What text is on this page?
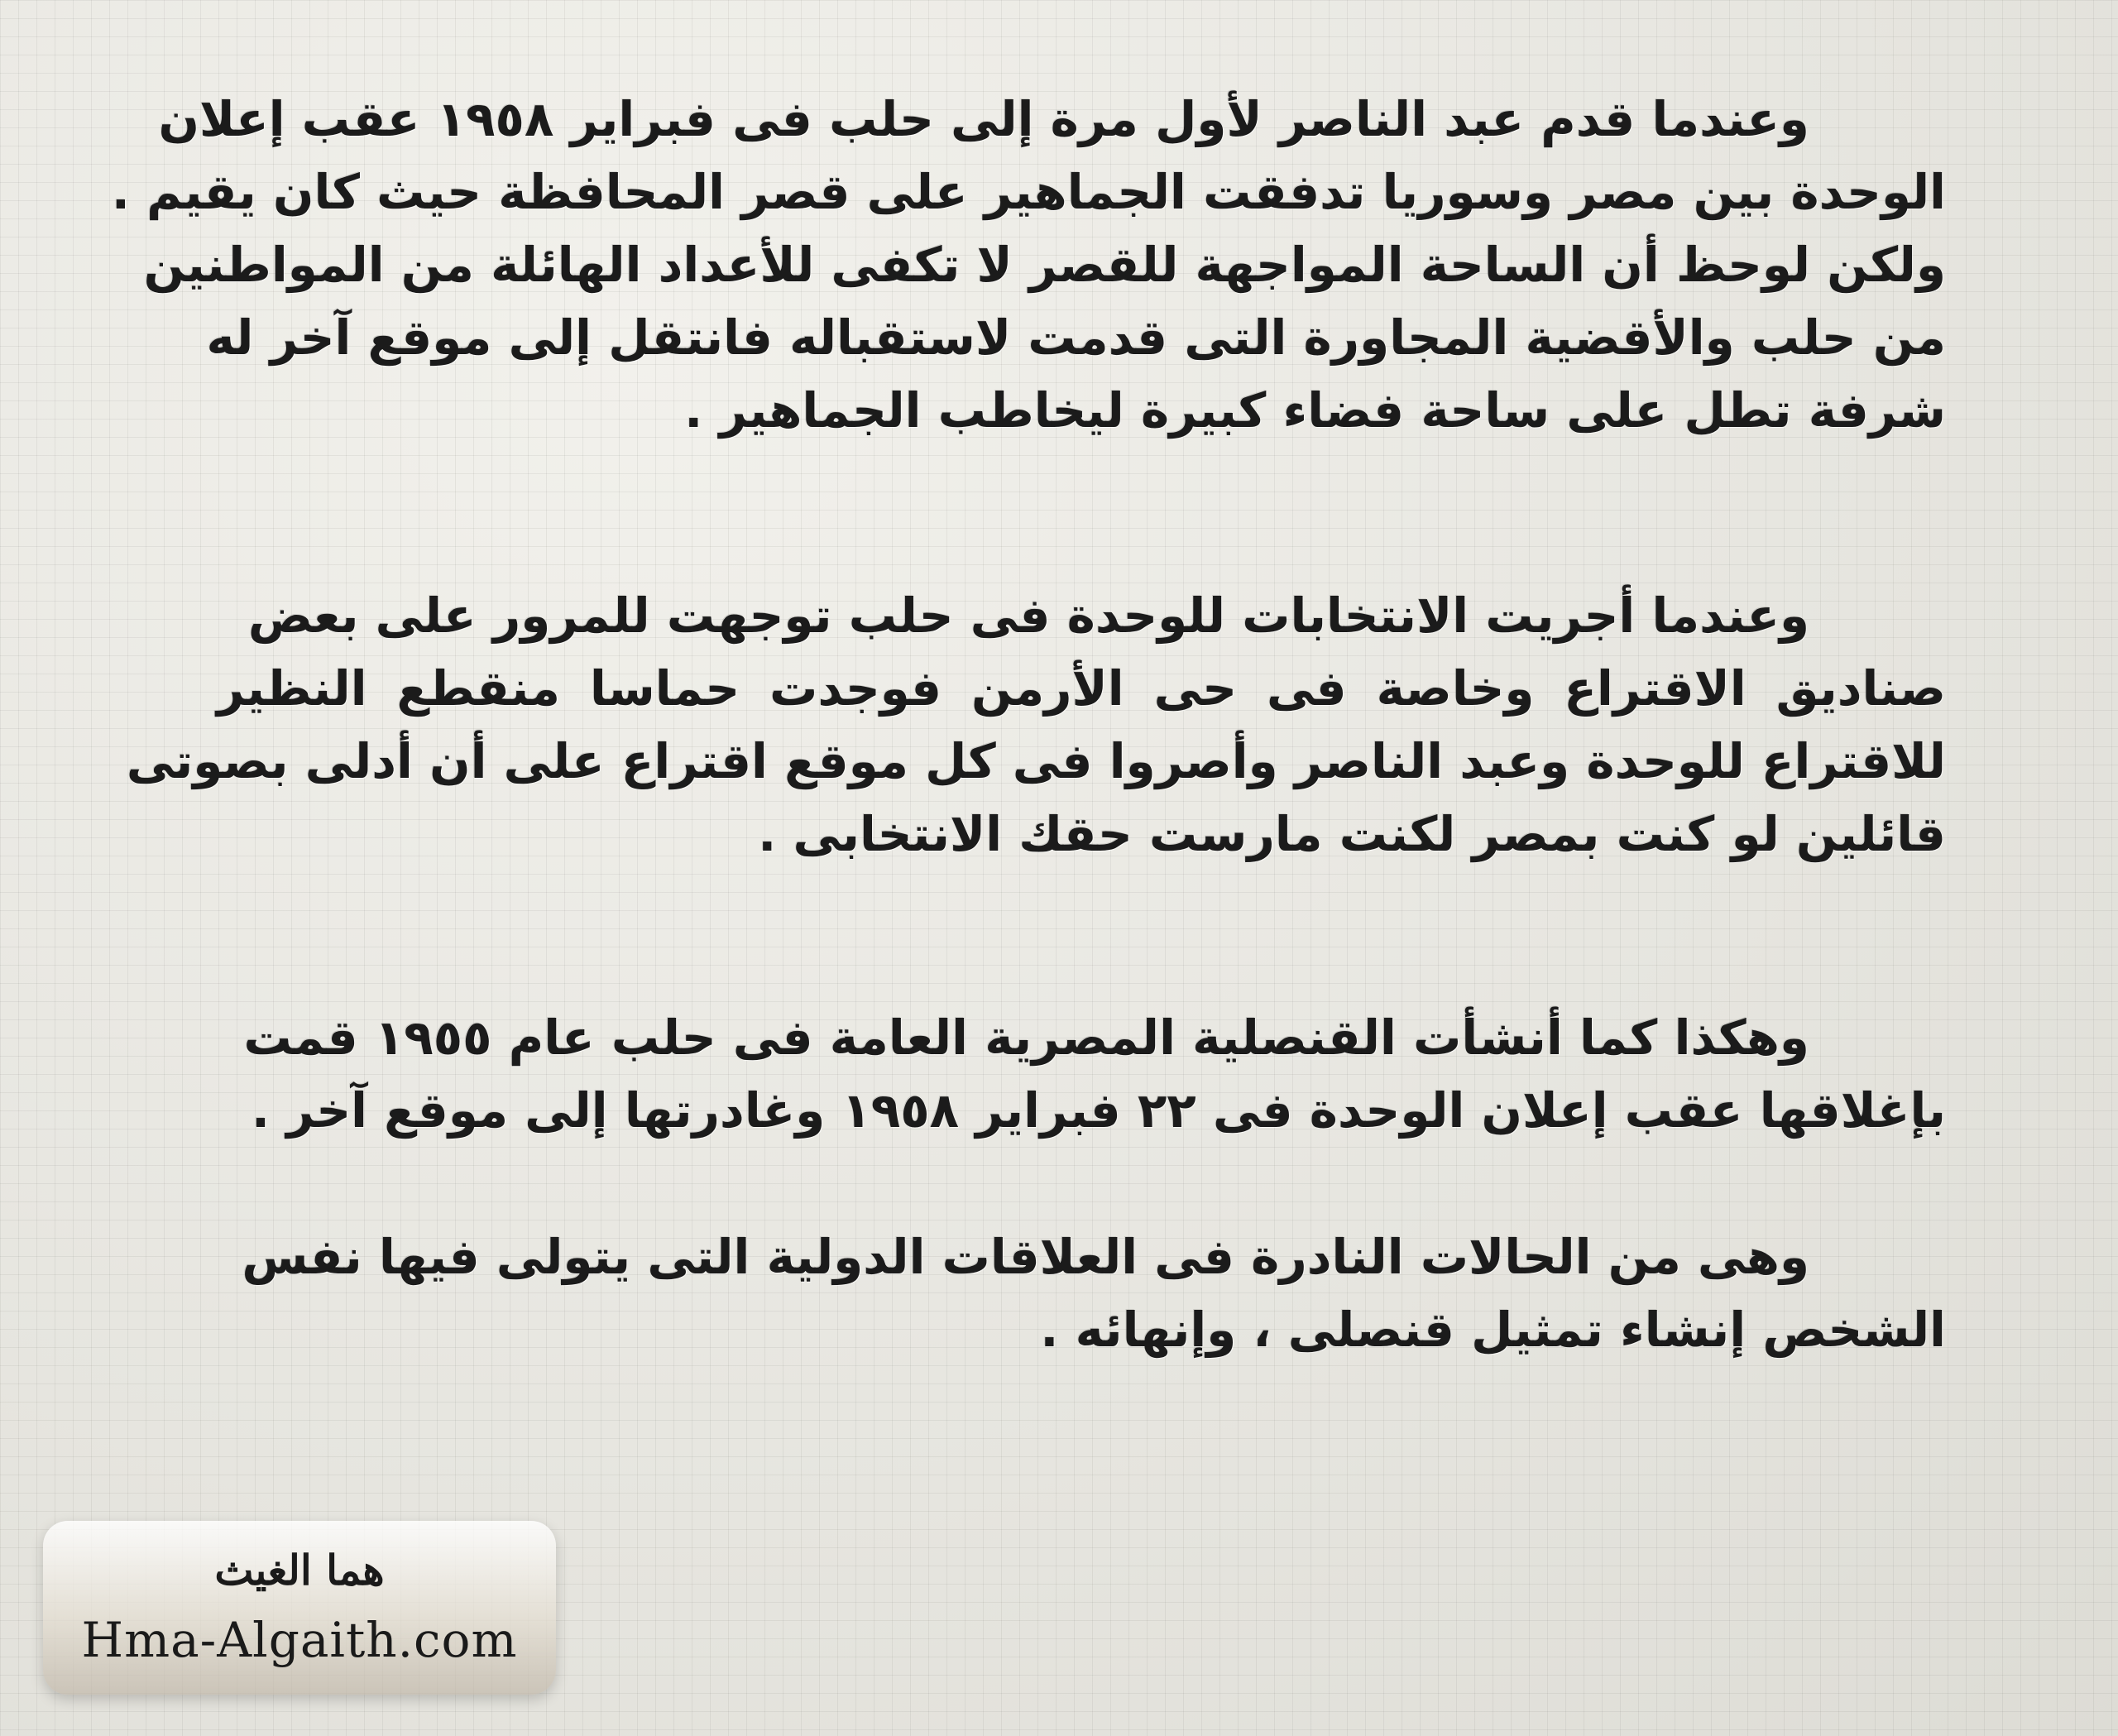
وعندما قدم عبد الناصر لأول مرة إلى حلب فى فبراير ١٩٥٨ عقب إعلان
الوحدة بين مصر وسوريا تدفقت الجماهير على قصر المحافظة حيث كان يقيم .
ولكن لوحظ أن الساحة المواجهة للقصر لا تكفى للأعداد الهائلة من المواطنين
من حلب والأقضية المجاورة التى قدمت لاستقباله فانتقل إلى موقع آخر له
شرفة تطل على ساحة فضاء كبيرة ليخاطب الجماهير .
وعندما أجريت الانتخابات للوحدة فى حلب توجهت للمرور على بعض
صناديق الاقتراع وخاصة فى حى الأرمن فوجدت حماسا منقطع النظير
للاقتراع للوحدة وعبد الناصر وأصروا فى كل موقع اقتراع على أن أدلى بصوتى
قائلين لو كنت بمصر لكنت مارست حقك الانتخابى .
وهكذا كما أنشأت القنصلية المصرية العامة فى حلب عام ١٩٥٥ قمت
بإغلاقها عقب إعلان الوحدة فى ٢٢ فبراير ١٩٥٨ وغادرتها إلى موقع آخر .
وهى من الحالات النادرة فى العلاقات الدولية التى يتولى فيها نفس
الشخص إنشاء تمثيل قنصلى ، وإنهائه .
هما الغيث
Hma-Algaith.com
